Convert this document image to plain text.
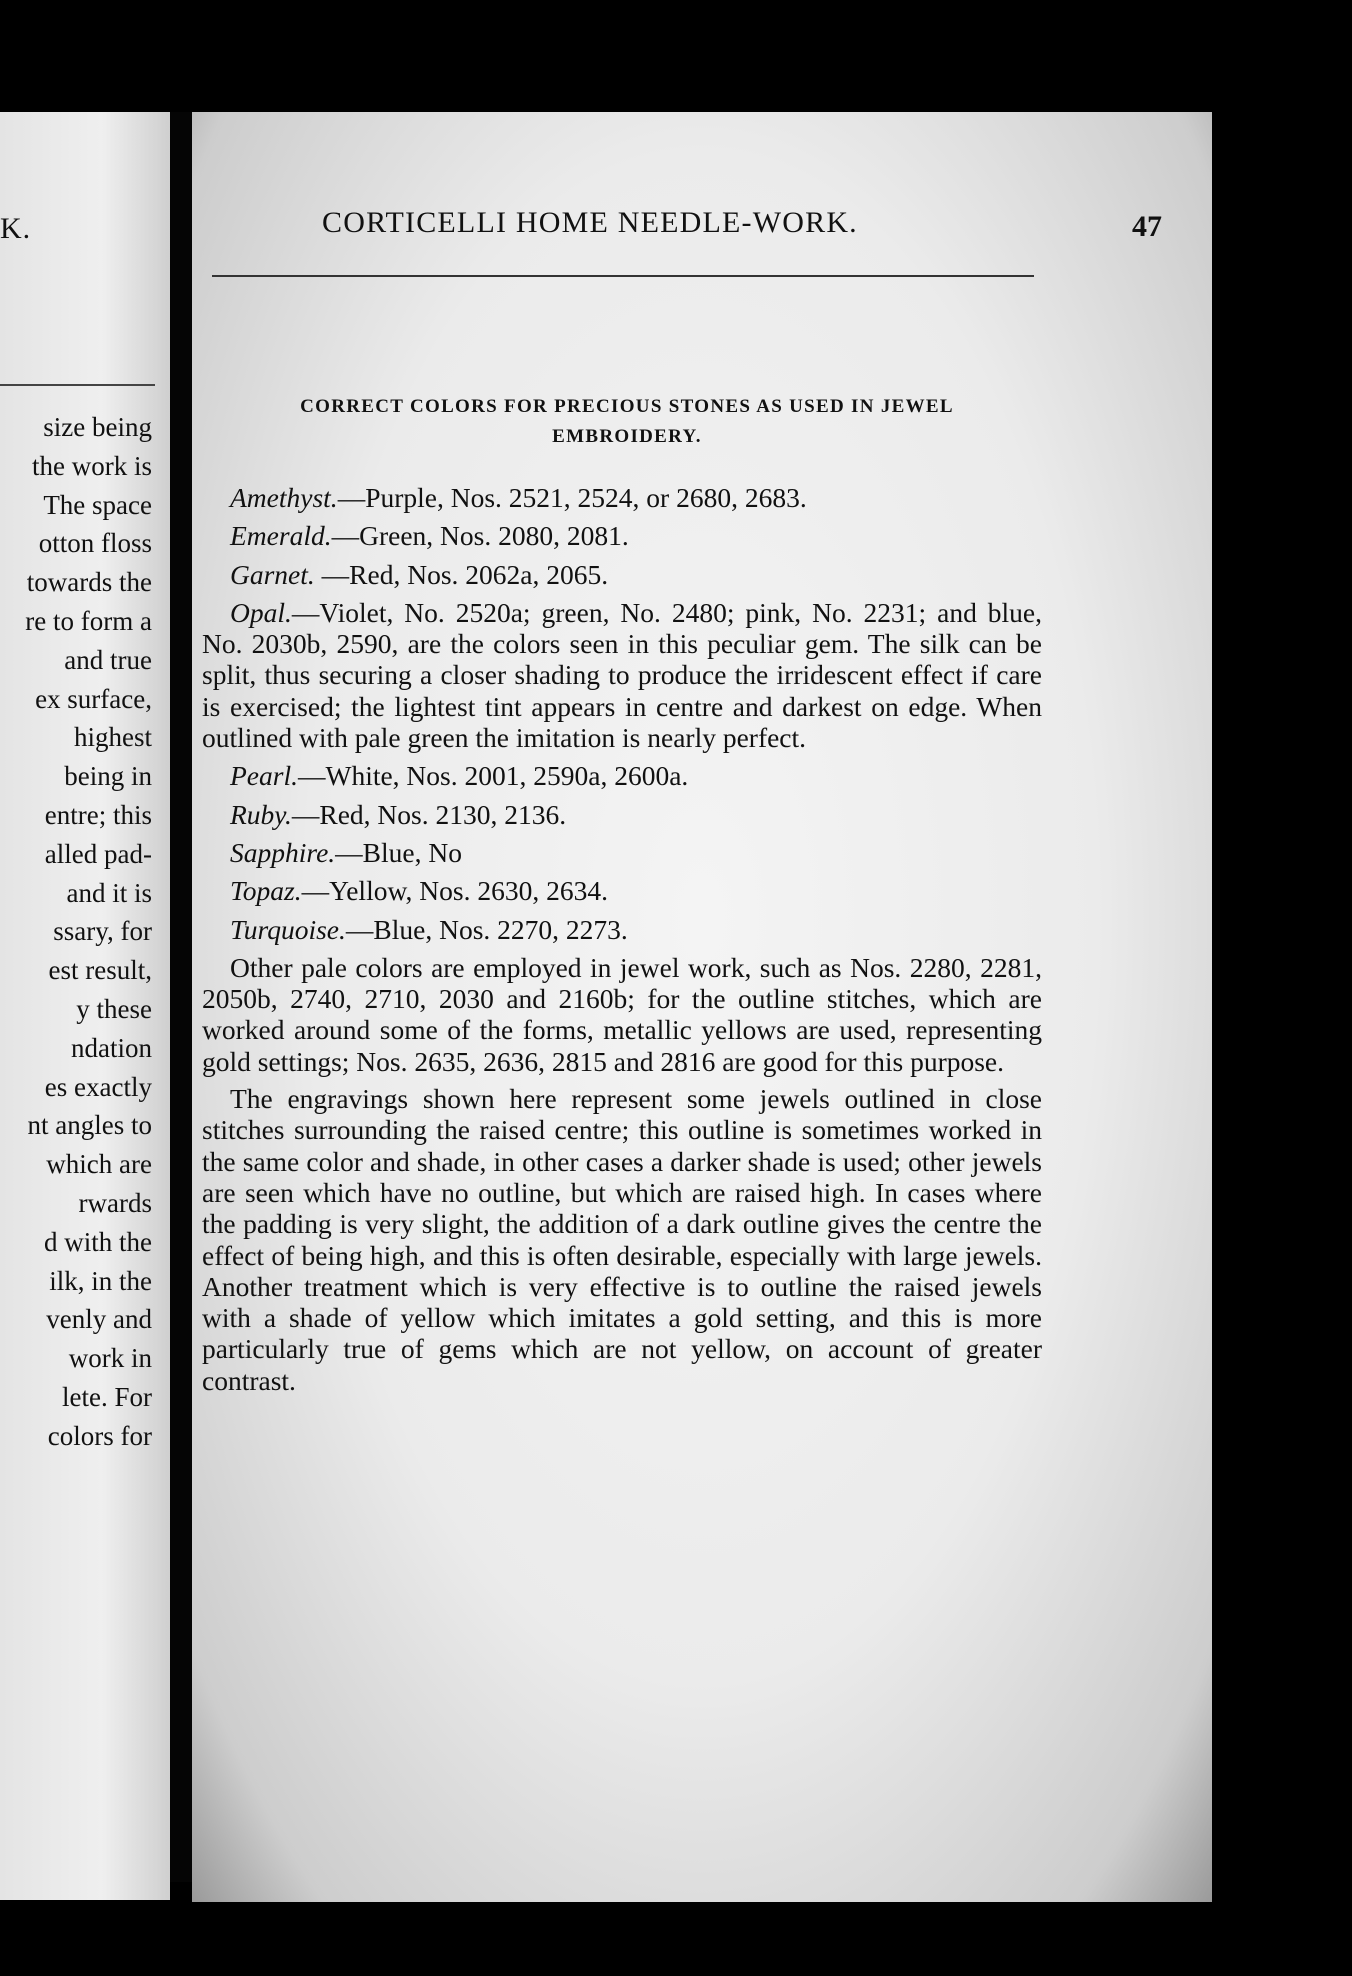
K.
size being
the work is
The space
otton floss
towards the
re to form a
and true
ex surface,
highest
being in
entre; this
alled pad-
and it is
ssary, for
est result,
y these
ndation
es exactly
nt angles to
which are
rwards
d with the
ilk, in the
venly and
work in
lete. For
colors for
CORTICELLI HOME NEEDLE-WORK.	47
CORRECT COLORS FOR PRECIOUS STONES AS USED IN JEWEL
EMBROIDERY.
Amethyst.—Purple, Nos. 2521, 2524, or 2680, 2683.
Emerald.—Green, Nos. 2080, 2081.
Garnet. —Red, Nos. 2062a, 2065.
Opal.—Violet, No. 2520a; green, No. 2480; pink, No. 2231; and blue, No. 2030b, 2590, are the colors seen in this peculiar gem. The silk can be split, thus securing a closer shading to produce the irridescent effect if care is exercised; the lightest tint appears in centre and darkest on edge. When outlined with pale green the imitation is nearly perfect.
Pearl.—White, Nos. 2001, 2590a, 2600a.
Ruby.—Red, Nos. 2130, 2136.
Sapphire.—Blue, No
Topaz.—Yellow, Nos. 2630, 2634.
Turquoise.—Blue, Nos. 2270, 2273.
Other pale colors are employed in jewel work, such as Nos. 2280, 2281, 2050b, 2740, 2710, 2030 and 2160b; for the outline stitches, which are worked around some of the forms, metallic yellows are used, representing gold settings; Nos. 2635, 2636, 2815 and 2816 are good for this purpose.
The engravings shown here represent some jewels outlined in close stitches surrounding the raised centre; this outline is sometimes worked in the same color and shade, in other cases a darker shade is used; other jewels are seen which have no outline, but which are raised high. In cases where the padding is very slight, the addition of a dark outline gives the centre the effect of being high, and this is often desirable, especially with large jewels. Another treatment which is very effective is to outline the raised jewels with a shade of yellow which imitates a gold setting, and this is more particularly true of gems which are not yellow, on account of greater contrast.
